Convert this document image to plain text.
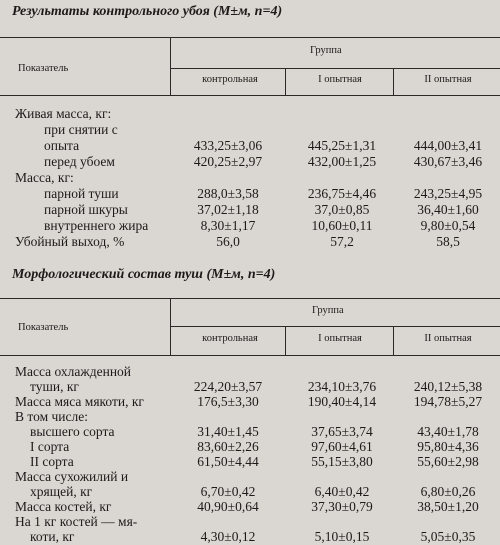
Результаты контрольного убоя (М±м, n=4)
Показатель
Группа
контрольная	I опытная	II опытная
Живая масса, кг:
при снятии с
опыта	433,25±3,06	445,25±1,31	444,00±3,41
перед убоем	420,25±2,97	432,00±1,25	430,67±3,46
Масса, кг:
парной туши	288,0±3,58	236,75±4,46	243,25±4,95
парной шкуры	37,02±1,18	37,0±0,85	36,40±1,60
внутреннего жира	8,30±1,17	10,60±0,11	9,80±0,54
Убойный выход, %	56,0	57,2	58,5
Морфологический состав туш (М±м, n=4)
Показатель
Группа
контрольная	I опытная	II опытная
Масса охлажденной
туши, кг	224,20±3,57	234,10±3,76	240,12±5,38
Масса мяса мякоти, кг	176,5±3,30	190,40±4,14	194,78±5,27
В том числе:
высшего сорта	31,40±1,45	37,65±3,74	43,40±1,78
I сорта	83,60±2,26	97,60±4,61	95,80±4,36
II сорта	61,50±4,44	55,15±3,80	55,60±2,98
Масса сухожилий и
хрящей, кг	6,70±0,42	6,40±0,42	6,80±0,26
Масса костей, кг	40,90±0,64	37,30±0,79	38,50±1,20
На 1 кг костей — мя-
коти, кг	4,30±0,12	5,10±0,15	5,05±0,35
